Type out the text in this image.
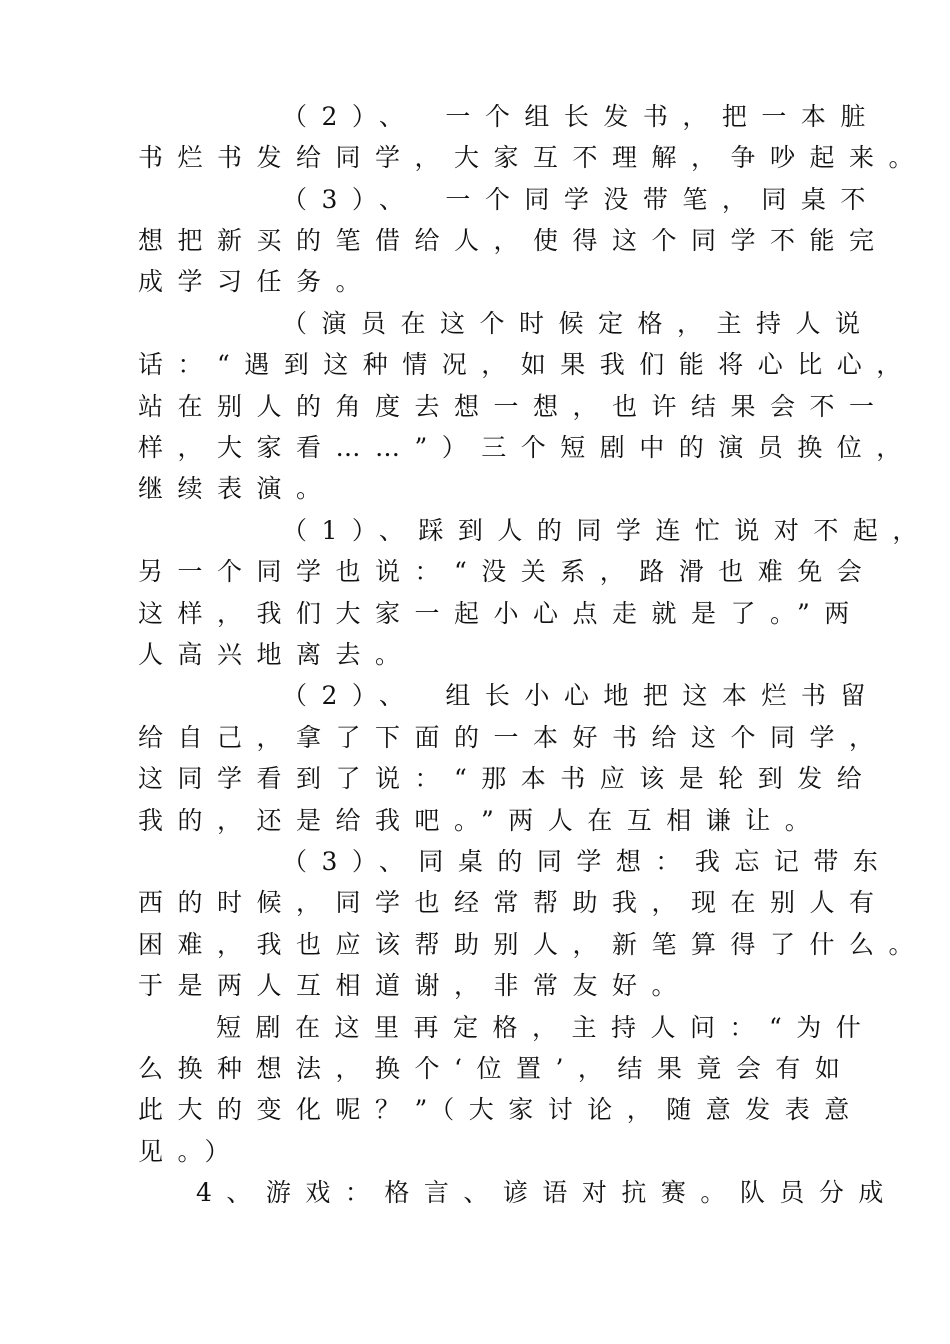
（2）、　一个组长发书，把一本脏
书烂书发给同学，大家互不理解，争吵起来。
（3）、　一个同学没带笔，同桌不
想把新买的笔借给人，使得这个同学不能完
成学习任务。
（演员在这个时候定格，主持人说
话：“遇到这种情况，如果我们能将心比心，
站在别人的角度去想一想，也许结果会不一
样，大家看……”）三个短剧中的演员换位，
继续表演。
（1）、踩到人的同学连忙说对不起，
另一个同学也说：“没关系，路滑也难免会
这样，我们大家一起小心点走就是了。”两
人高兴地离去。
（2）、　组长小心地把这本烂书留
给自己，拿了下面的一本好书给这个同学，
这同学看到了说：“那本书应该是轮到发给
我的，还是给我吧。”两人在互相谦让。
（3）、同桌的同学想：我忘记带东
西的时候，同学也经常帮助我，现在别人有
困难，我也应该帮助别人，新笔算得了什么。
于是两人互相道谢，非常友好。
短剧在这里再定格，主持人问：“为什
么换种想法，换个‘位置’，结果竟会有如
此大的变化呢？”（大家讨论，随意发表意
见。）
4、游戏：格言、谚语对抗赛。队员分成
